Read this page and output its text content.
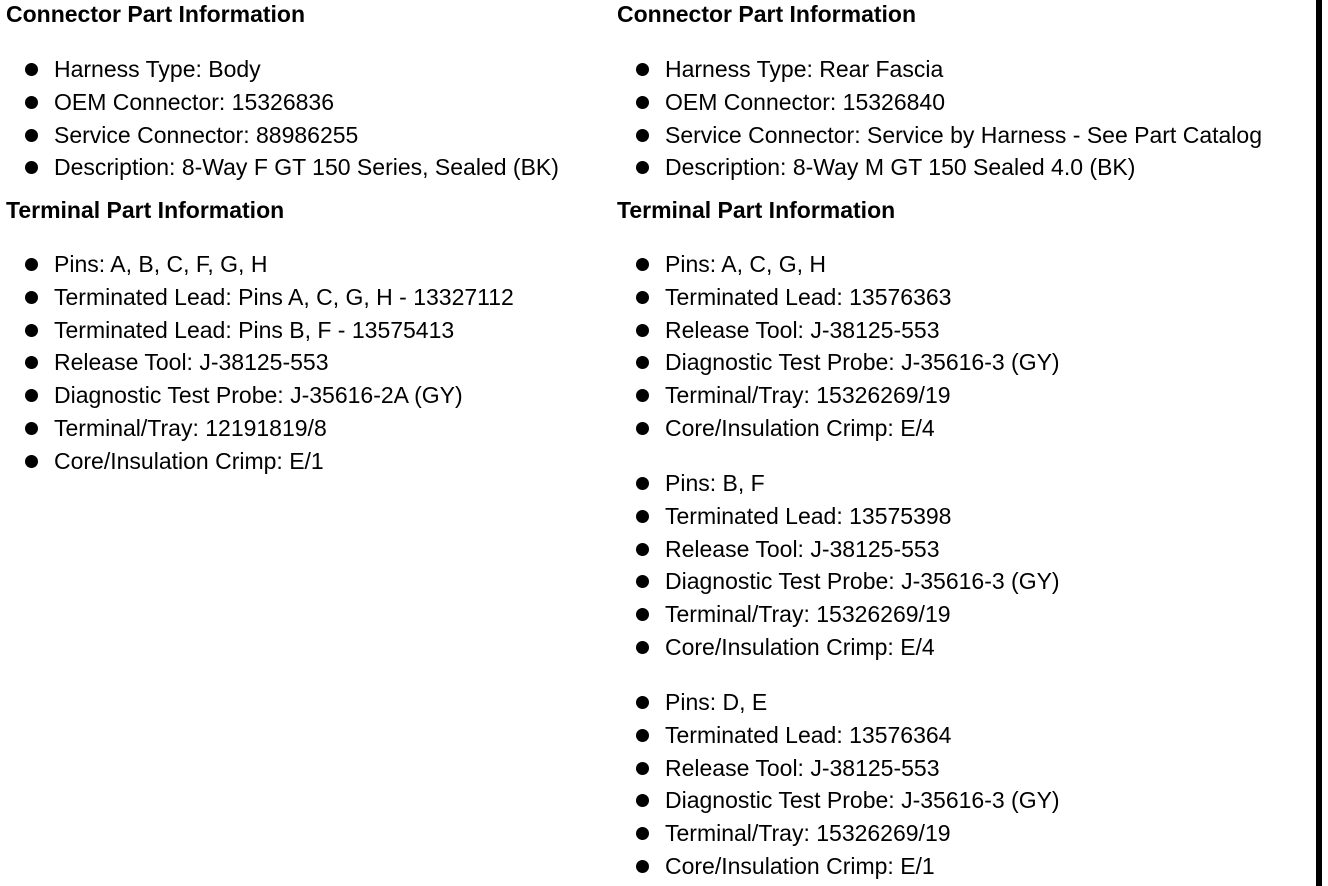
Connector Part Information
Harness Type: Body
OEM Connector: 15326836
Service Connector: 88986255
Description: 8-Way F GT 150 Series, Sealed (BK)
Terminal Part Information
Pins: A, B, C, F, G, H
Terminated Lead: Pins A, C, G, H - 13327112
Terminated Lead: Pins B, F - 13575413
Release Tool: J-38125-553
Diagnostic Test Probe: J-35616-2A (GY)
Terminal/Tray: 12191819/8
Core/Insulation Crimp: E/1
Connector Part Information
Harness Type: Rear Fascia
OEM Connector: 15326840
Service Connector: Service by Harness - See Part Catalog
Description: 8-Way M GT 150 Sealed 4.0 (BK)
Terminal Part Information
Pins: A, C, G, H
Terminated Lead: 13576363
Release Tool: J-38125-553
Diagnostic Test Probe: J-35616-3 (GY)
Terminal/Tray: 15326269/19
Core/Insulation Crimp: E/4
Pins: B, F
Terminated Lead: 13575398
Release Tool: J-38125-553
Diagnostic Test Probe: J-35616-3 (GY)
Terminal/Tray: 15326269/19
Core/Insulation Crimp: E/4
Pins: D, E
Terminated Lead: 13576364
Release Tool: J-38125-553
Diagnostic Test Probe: J-35616-3 (GY)
Terminal/Tray: 15326269/19
Core/Insulation Crimp: E/1
